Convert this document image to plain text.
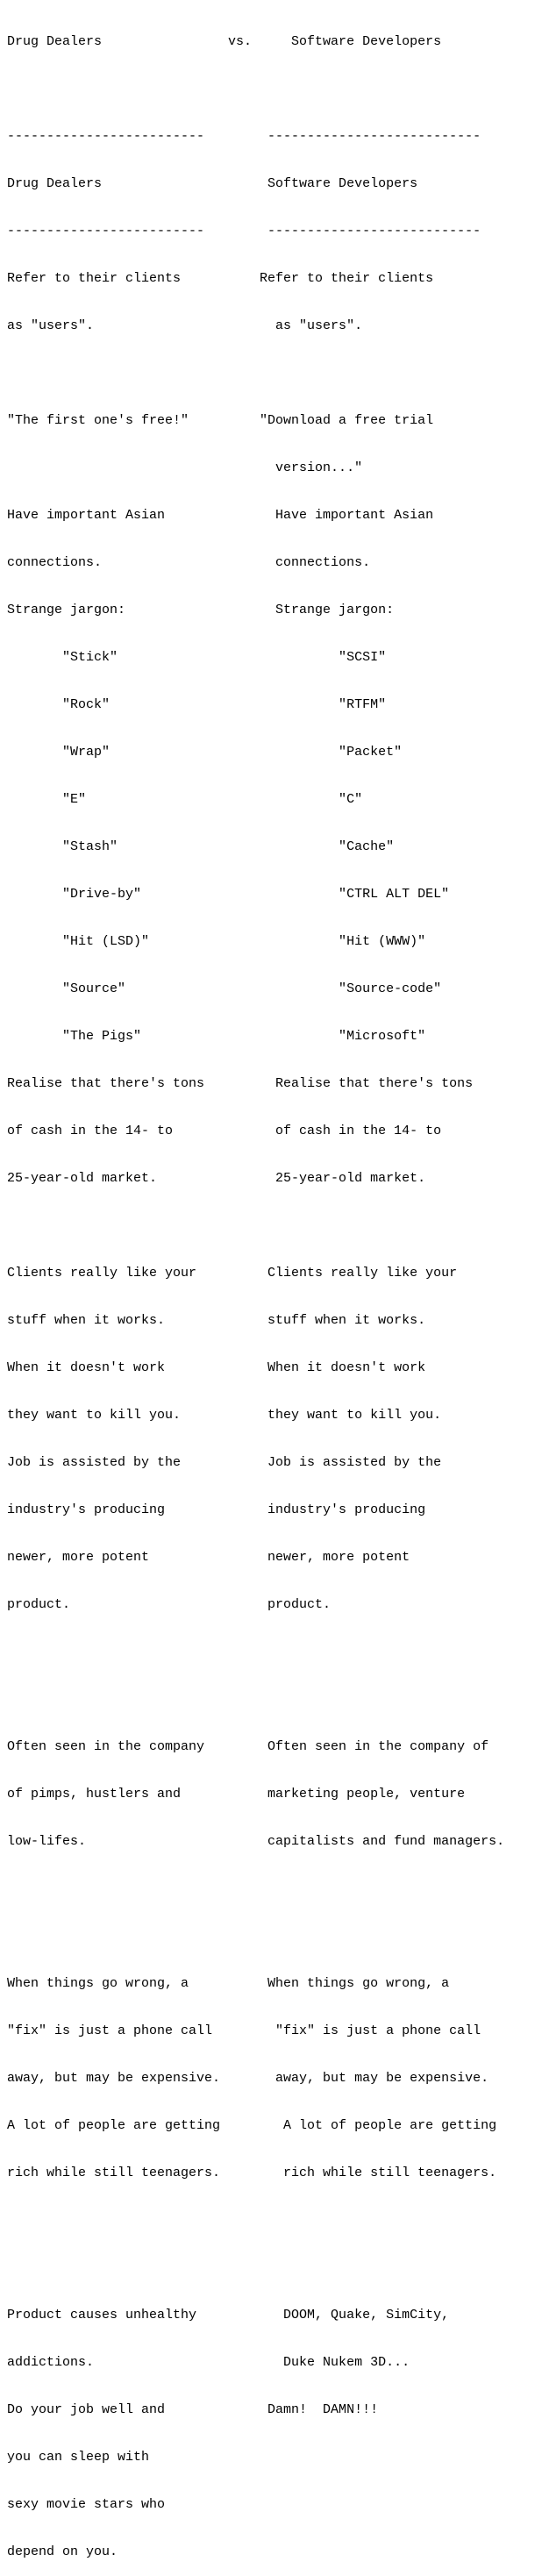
Drug Dealers                vs.     Software Developers

-------------------------        ---------------------------

Drug Dealers                     Software Developers

-------------------------        ---------------------------

Refer to their clients          Refer to their clients

as "users".                       as "users".

"The first one's free!"         "Download a free trial

version..."

Have important Asian              Have important Asian

connections.                      connections.

Strange jargon:                   Strange jargon:

"Stick"                            "SCSI"

"Rock"                             "RTFM"

"Wrap"                             "Packet"

"E"                                "C"

"Stash"                            "Cache"

"Drive-by"                         "CTRL ALT DEL"

"Hit (LSD)"                        "Hit (WWW)"

"Source"                           "Source-code"

"The Pigs"                         "Microsoft"

Realise that there's tons         Realise that there's tons

of cash in the 14- to             of cash in the 14- to

25-year-old market.               25-year-old market.

Clients really like your         Clients really like your

stuff when it works.             stuff when it works.

When it doesn't work             When it doesn't work

they want to kill you.           they want to kill you.

Job is assisted by the           Job is assisted by the

industry's producing             industry's producing

newer, more potent               newer, more potent

product.                         product.

Often seen in the company        Often seen in the company of

of pimps, hustlers and           marketing people, venture

low-lifes.                       capitalists and fund managers.

When things go wrong, a          When things go wrong, a

"fix" is just a phone call        "fix" is just a phone call

away, but may be expensive.       away, but may be expensive.

A lot of people are getting        A lot of people are getting

rich while still teenagers.        rich while still teenagers.

Product causes unhealthy           DOOM, Quake, SimCity,

addictions.                        Duke Nukem 3D...

Do your job well and             Damn!  DAMN!!!

you can sleep with

sexy movie stars who

depend on you.
